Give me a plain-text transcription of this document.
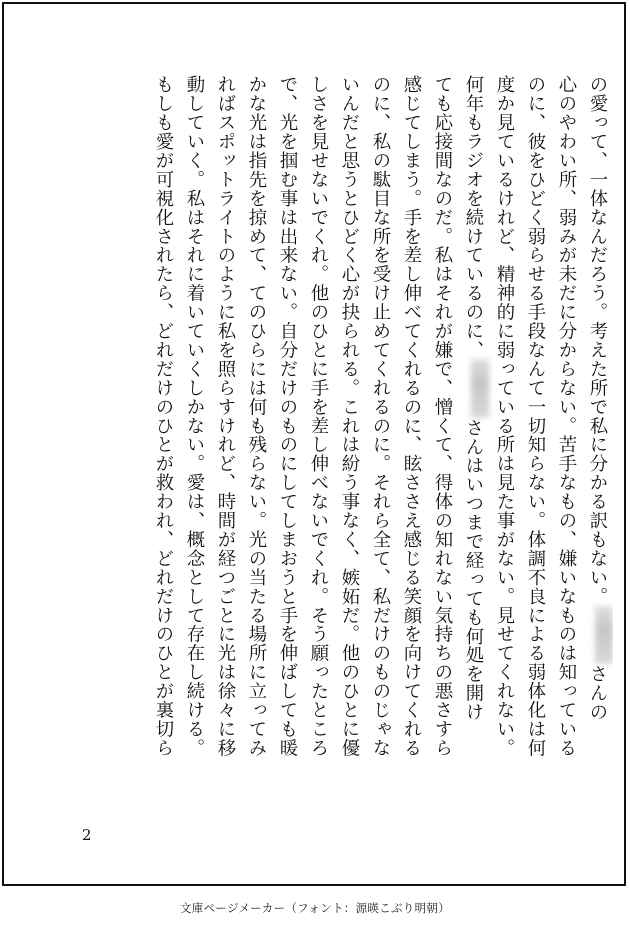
の愛って、一体なんだろう。考えた所で私に分かる訳もない。　　　さんの
心のやわい所、弱みが未だに分からない。苦手なもの、嫌いなものは知っている
のに、彼をひどく弱らせる手段なんて一切知らない。体調不良による弱体化は何
度か見ているけれど、精神的に弱っている所は見た事がない。見せてくれない。
何年もラジオを続けているのに、　　　さんはいつまで経っても何処を開け
ても応接間なのだ。私はそれが嫌で、憎くて、得体の知れない気持ちの悪さすら
感じてしまう。手を差し伸べてくれるのに、眩ささえ感じる笑顔を向けてくれる
のに、私の駄目な所を受け止めてくれるのに。それら全て、私だけのものじゃな
いんだと思うとひどく心が抉られる。これは紛う事なく、嫉妬だ。他のひとに優
しさを見せないでくれ。他のひとに手を差し伸べないでくれ。そう願ったところ
で、光を掴む事は出来ない。自分だけのものにしてしまおうと手を伸ばしても暖
かな光は指先を掠めて、てのひらには何も残らない。光の当たる場所に立ってみ
ればスポットライトのように私を照らすけれど、時間が経つごとに光は徐々に移
動していく。私はそれに着いていくしかない。愛は、概念として存在し続ける。
もしも愛が可視化されたら、どれだけのひとが救われ、どれだけのひとが裏切ら
2
文庫ページメーカー（フォント：源暎こぶり明朝）
